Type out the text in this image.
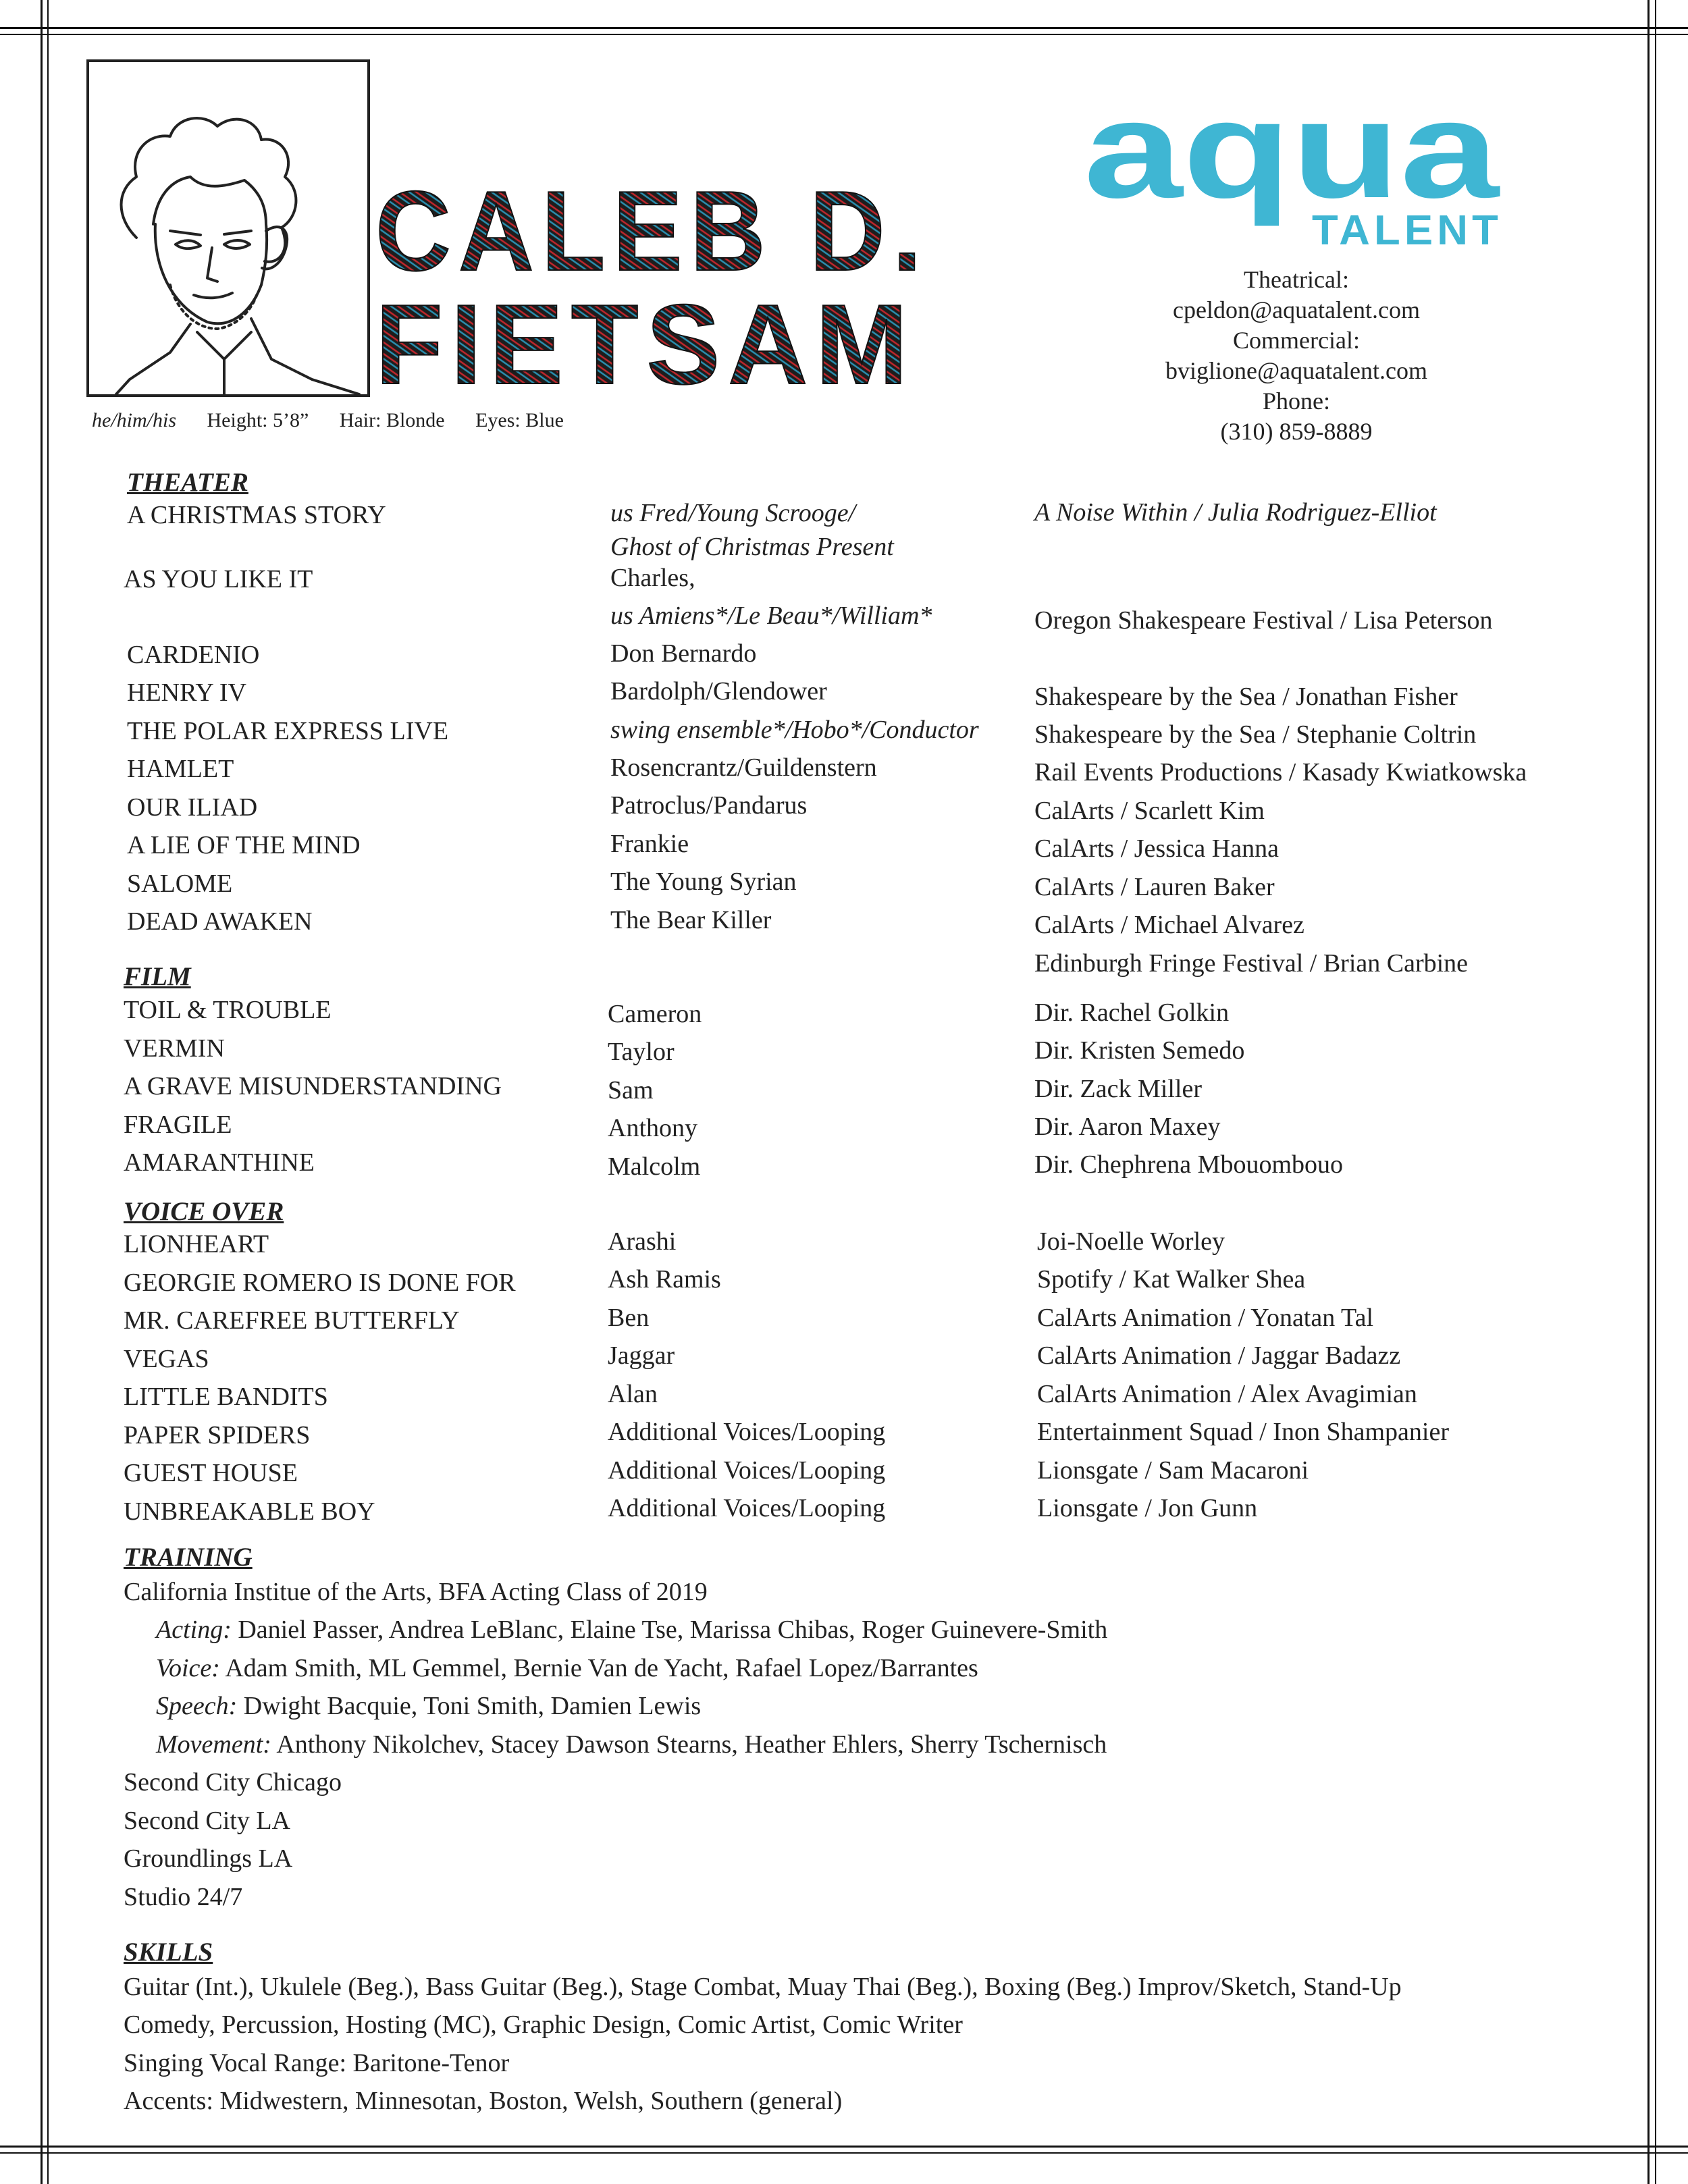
CALEB D.
FIETSAM
he/him/his Height: 5’8” Hair: Blonde Eyes: Blue
aqua
TALENT
Theatrical:
cpeldon@aquatalent.com
Commercial:
bviglione@aquatalent.com
Phone:
(310) 859-8889
THEATER
A CHRISTMAS STORY
AS YOU LIKE IT
CARDENIO
HENRY IV
THE POLAR EXPRESS LIVE
HAMLET
OUR ILIAD
A LIE OF THE MIND
SALOME
DEAD AWAKEN
us Fred/Young Scrooge/
Ghost of Christmas Present
Charles,
us Amiens*/Le Beau*/William*
Don Bernardo
Bardolph/Glendower
swing ensemble*/Hobo*/Conductor
Rosencrantz/Guildenstern
Patroclus/Pandarus
Frankie
The Young Syrian
The Bear Killer
A Noise Within / Julia Rodriguez-Elliot
Oregon Shakespeare Festival / Lisa Peterson
Shakespeare by the Sea / Jonathan Fisher
Shakespeare by the Sea / Stephanie Coltrin
Rail Events Productions / Kasady Kwiatkowska
CalArts / Scarlett Kim
CalArts / Jessica Hanna
CalArts / Lauren Baker
CalArts / Michael Alvarez
Edinburgh Fringe Festival / Brian Carbine
FILM
TOIL & TROUBLE
VERMIN
A GRAVE MISUNDERSTANDING
FRAGILE
AMARANTHINE
Cameron
Taylor
Sam
Anthony
Malcolm
Dir. Rachel Golkin
Dir. Kristen Semedo
Dir. Zack Miller
Dir. Aaron Maxey
Dir. Chephrena Mbouombouo
VOICE OVER
LIONHEART
GEORGIE ROMERO IS DONE FOR
MR. CAREFREE BUTTERFLY
VEGAS
LITTLE BANDITS
PAPER SPIDERS
GUEST HOUSE
UNBREAKABLE BOY
Arashi
Ash Ramis
Ben
Jaggar
Alan
Additional Voices/Looping
Additional Voices/Looping
Additional Voices/Looping
Joi-Noelle Worley
Spotify / Kat Walker Shea
CalArts Animation / Yonatan Tal
CalArts Animation / Jaggar Badazz
CalArts Animation / Alex Avagimian
Entertainment Squad / Inon Shampanier
Lionsgate / Sam Macaroni
Lionsgate / Jon Gunn
TRAINING
California Institue of the Arts, BFA Acting Class of 2019
Acting: Daniel Passer, Andrea LeBlanc, Elaine Tse, Marissa Chibas, Roger Guinevere-Smith
Voice: Adam Smith, ML Gemmel, Bernie Van de Yacht, Rafael Lopez/Barrantes
Speech: Dwight Bacquie, Toni Smith, Damien Lewis
Movement: Anthony Nikolchev, Stacey Dawson Stearns, Heather Ehlers, Sherry Tschernisch
Second City Chicago
Second City LA
Groundlings LA
Studio 24/7
SKILLS
Guitar (Int.), Ukulele (Beg.), Bass Guitar (Beg.), Stage Combat, Muay Thai (Beg.), Boxing (Beg.) Improv/Sketch, Stand-Up
Comedy, Percussion, Hosting (MC), Graphic Design, Comic Artist, Comic Writer
Singing Vocal Range: Baritone-Tenor
Accents: Midwestern, Minnesotan, Boston, Welsh, Southern (general)
